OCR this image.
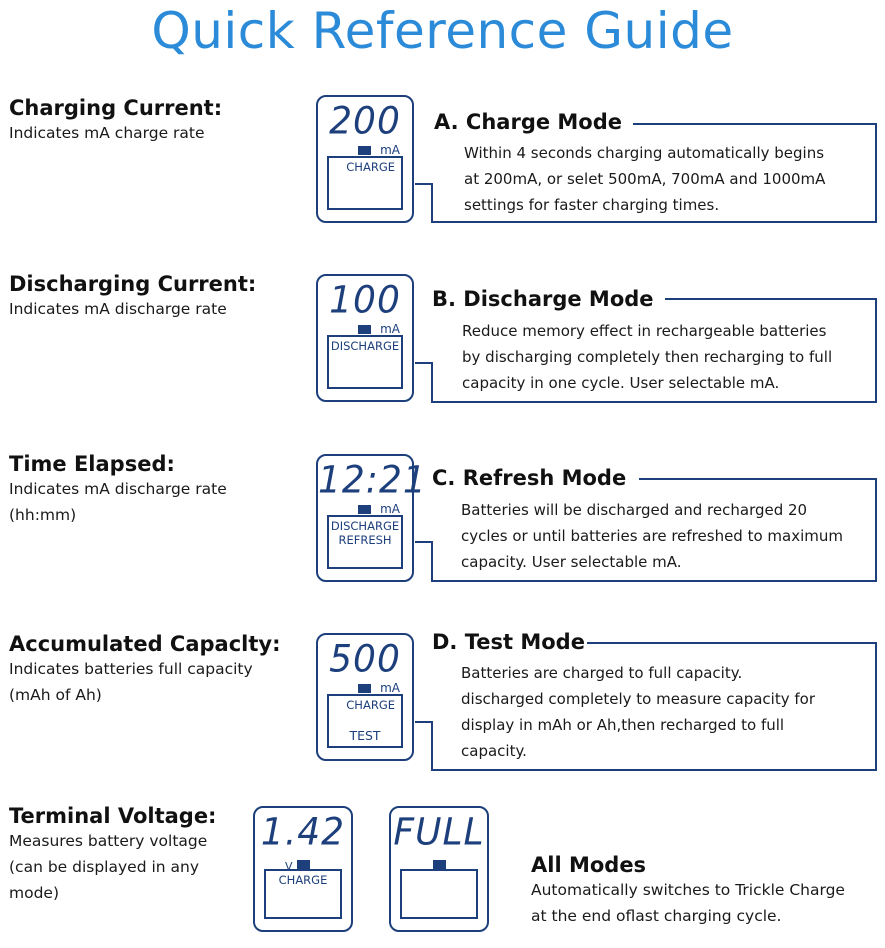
Quick Reference Guide
Charging Current:

Indicates mA charge rate	200
mA
CHARGE
A. Charge Mode

Within 4 seconds charging automatically begins

at 200mA, or selet 500mA, 700mA and 1000mA

settings for faster charging times.

Discharging Current:

Indicates mA discharge rate	100
mA
DISCHARGE
B. Discharge Mode

Reduce memory effect in rechargeable batteries

by discharging completely then recharging to full

capacity in one cycle. User selectable mA.

Time Elapsed:

Indicates mA discharge rate

(hh:mm)

12:21
mA
DISCHARGE
REFRESH
C. Refresh Mode

Batteries will be discharged and recharged 20

cycles or until batteries are refreshed to maximum

capacity. User selectable mA.

Accumulated Capaclty:

Indicates batteries full capacity

(mAh of Ah)

500
mA
CHARGE
TEST
D. Test Mode

Batteries are charged to full capacity.

discharged completely to measure capacity for

display in mAh or Ah,then recharged to full

capacity.

Terminal Voltage:

Measures battery voltage

(can be displayed in any

mode)

1.42
V
CHARGE
FULL
All Modes

Automatically switches to Trickle Charge

at the end oflast charging cycle.
